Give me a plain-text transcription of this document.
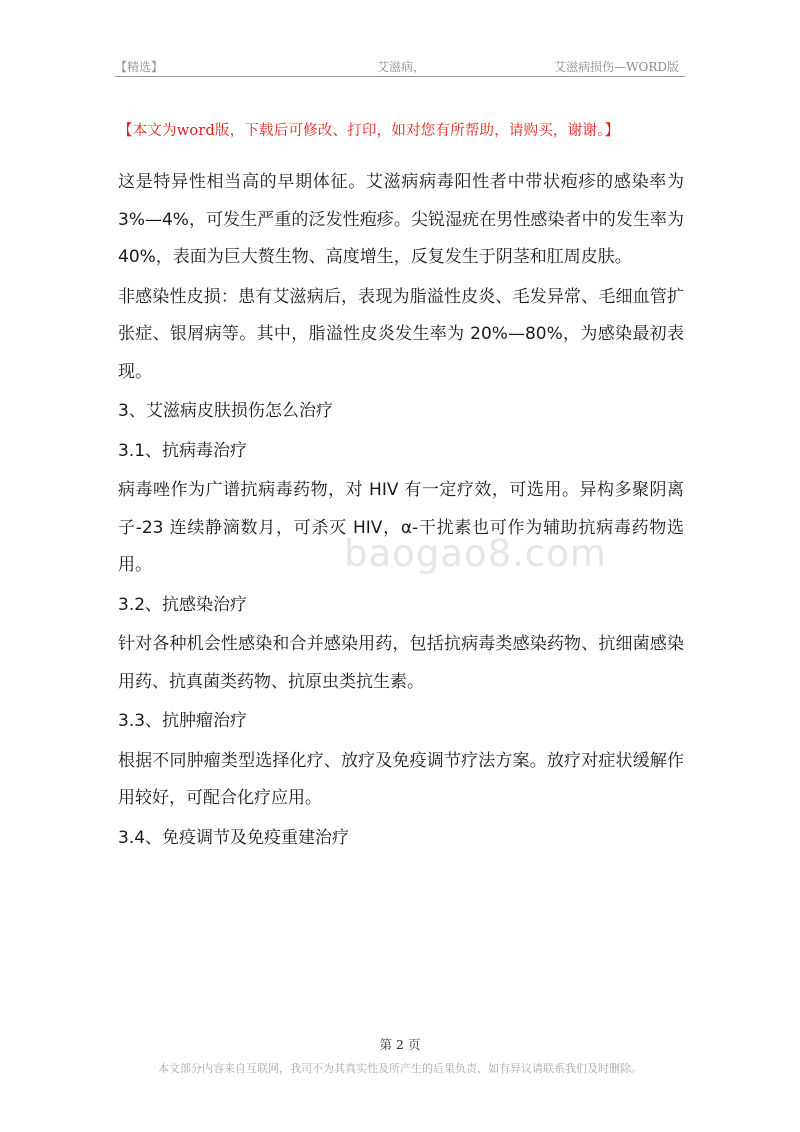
【精选】	艾滋病，	艾滋病损伤—WORD版
【本文为word版，下载后可修改、打印，如对您有所帮助，请购买，谢谢。】
baogao8.com

这是特异性相当高的早期体征。艾滋病病毒阳性者中带状疱疹的感染率为 3%—4%，可发生严重的泛发性疱疹。尖锐湿疣在男性感染者中的发生率为 40%，表面为巨大赘生物、高度增生，反复发生于阴茎和肛周皮肤。

非感染性皮损：患有艾滋病后，表现为脂溢性皮炎、毛发异常、毛细血管扩张症、银屑病等。其中，脂溢性皮炎发生率为 20%—80%，为感染最初表现。

3、艾滋病皮肤损伤怎么治疗

3.1、抗病毒治疗

病毒唑作为广谱抗病毒药物，对 HIV 有一定疗效，可选用。异构多聚阴离子-23 连续静滴数月，可杀灭 HIV，α-干扰素也可作为辅助抗病毒药物选用。

3.2、抗感染治疗

针对各种机会性感染和合并感染用药，包括抗病毒类感染药物、抗细菌感染用药、抗真菌类药物、抗原虫类抗生素。

3.3、抗肿瘤治疗

根据不同肿瘤类型选择化疗、放疗及免疫调节疗法方案。放疗对症状缓解作用较好，可配合化疗应用。

3.4、免疫调节及免疫重建治疗

第 2 页
本文部分内容来自互联网，我司不为其真实性及所产生的后果负责，如有异议请联系我们及时删除。
